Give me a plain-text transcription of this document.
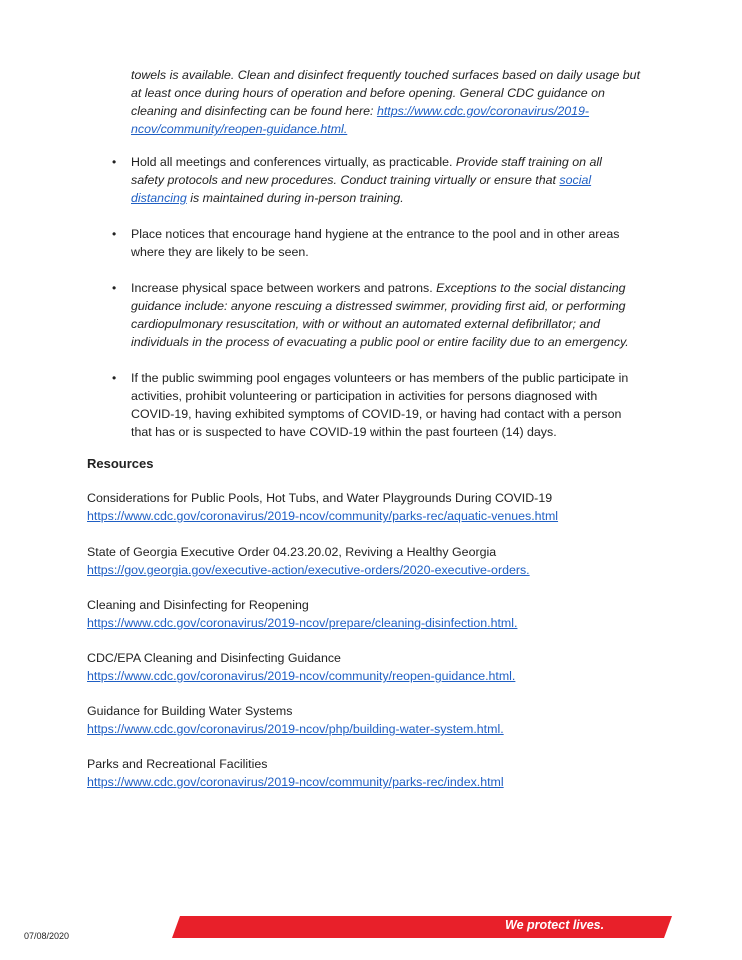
towels is available. Clean and disinfect frequently touched surfaces based on daily usage but
at least once during hours of operation and before opening. General CDC guidance on
cleaning and disinfecting can be found here: https://www.cdc.gov/coronavirus/2019-
ncov/community/reopen-guidance.html.
• Hold all meetings and conferences virtually, as practicable. Provide staff training on all
safety protocols and new procedures. Conduct training virtually or ensure that social
distancing is maintained during in-person training.
• Place notices that encourage hand hygiene at the entrance to the pool and in other areas
where they are likely to be seen.
• Increase physical space between workers and patrons. Exceptions to the social distancing
guidance include: anyone rescuing a distressed swimmer, providing first aid, or performing
cardiopulmonary resuscitation, with or without an automated external defibrillator; and
individuals in the process of evacuating a public pool or entire facility due to an emergency.
• If the public swimming pool engages volunteers or has members of the public participate in
activities, prohibit volunteering or participation in activities for persons diagnosed with
COVID-19, having exhibited symptoms of COVID-19, or having had contact with a person
that has or is suspected to have COVID-19 within the past fourteen (14) days.
Resources
Considerations for Public Pools, Hot Tubs, and Water Playgrounds During COVID-19
https://www.cdc.gov/coronavirus/2019-ncov/community/parks-rec/aquatic-venues.html
State of Georgia Executive Order 04.23.20.02, Reviving a Healthy Georgia
https://gov.georgia.gov/executive-action/executive-orders/2020-executive-orders.
Cleaning and Disinfecting for Reopening
https://www.cdc.gov/coronavirus/2019-ncov/prepare/cleaning-disinfection.html.
CDC/EPA Cleaning and Disinfecting Guidance
https://www.cdc.gov/coronavirus/2019-ncov/community/reopen-guidance.html.
Guidance for Building Water Systems
https://www.cdc.gov/coronavirus/2019-ncov/php/building-water-system.html.
Parks and Recreational Facilities
https://www.cdc.gov/coronavirus/2019-ncov/community/parks-rec/index.html
07/08/2020
We protect lives.
